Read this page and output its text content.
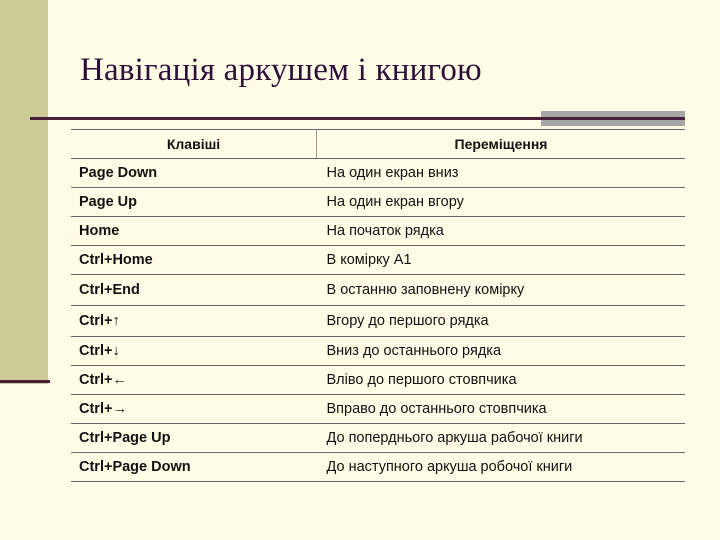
Навігація аркушем і книгою
Клавіші	Переміщення
Page Down	На один екран вниз
Page Up	На один екран вгору
Home	На початок рядка
Ctrl+Home	В комірку А1
Ctrl+End	В останню заповнену комірку
Ctrl+↑	Вгору до першого рядка
Ctrl+↓	Вниз до останнього рядка
Ctrl+←	Вліво до першого стовпчика
Ctrl+→	Вправо до останнього стовпчика
Ctrl+Page Up	До поперднього аркуша рабочої книги
Ctrl+Page Down	До наступного аркуша робочої книги
